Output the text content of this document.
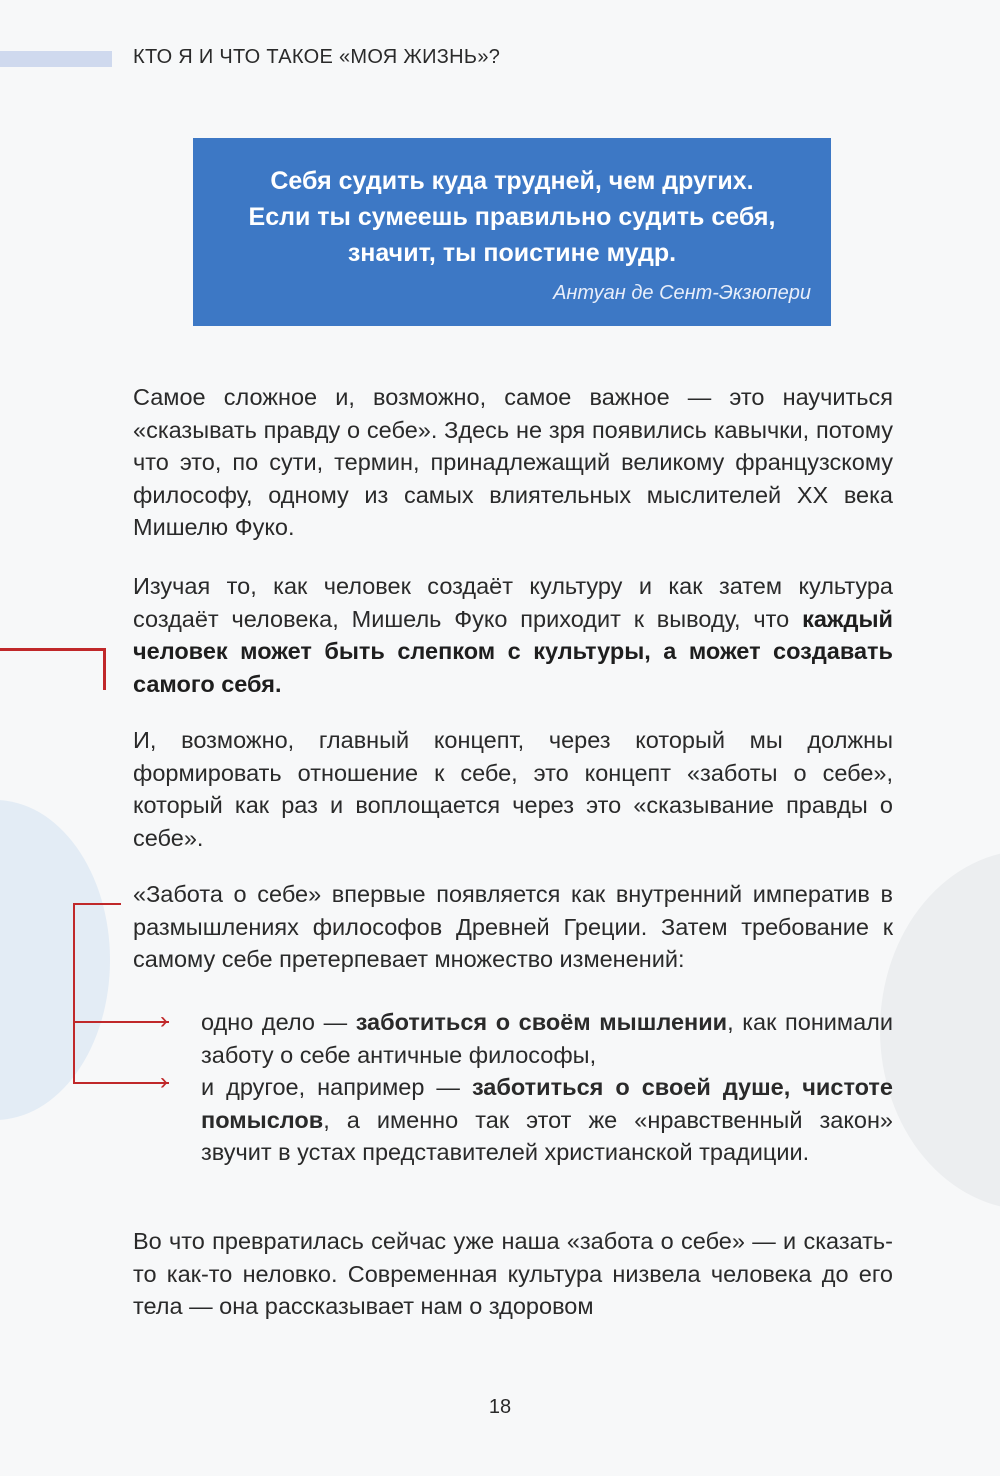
КТО Я И ЧТО ТАКОЕ «МОЯ ЖИЗНЬ»?
Себя судить куда трудней, чем других.
Если ты сумеешь правильно судить себя,
значит, ты поистине мудр.
Антуан де Сент-Экзюпери

Самое сложное и, возможно, самое важное — это научиться «сказывать правду о себе». Здесь не зря появились кавычки, потому что это, по сути, термин, принадлежащий великому французскому философу, одному из самых влиятельных мыслителей XX века Мишелю Фуко.

Изучая то, как человек создаёт культуру и как затем культура создаёт человека, Мишель Фуко приходит к выводу, что каждый человек может быть слепком с культуры, а может создавать самого себя.

И, возможно, главный концепт, через который мы должны формировать отношение к себе, это концепт «заботы о себе», который как раз и воплощается через это «сказывание правды о себе».

«Забота о себе» впервые появляется как внутренний императив в размышлениях философов Древней Греции. Затем требование к самому себе претерпевает множество изменений:

›
›
одно дело — заботиться о своём мышлении, как понимали заботу о себе античные философы,
и другое, например — заботиться о своей душе, чистоте помыслов, а именно так этот же «нравственный закон» звучит в устах представителей христианской традиции.

Во что превратилась сейчас уже наша «забота о себе» — и сказать-то как-то неловко. Современная культура низвела человека до его тела — она рассказывает нам о здоровом

18
